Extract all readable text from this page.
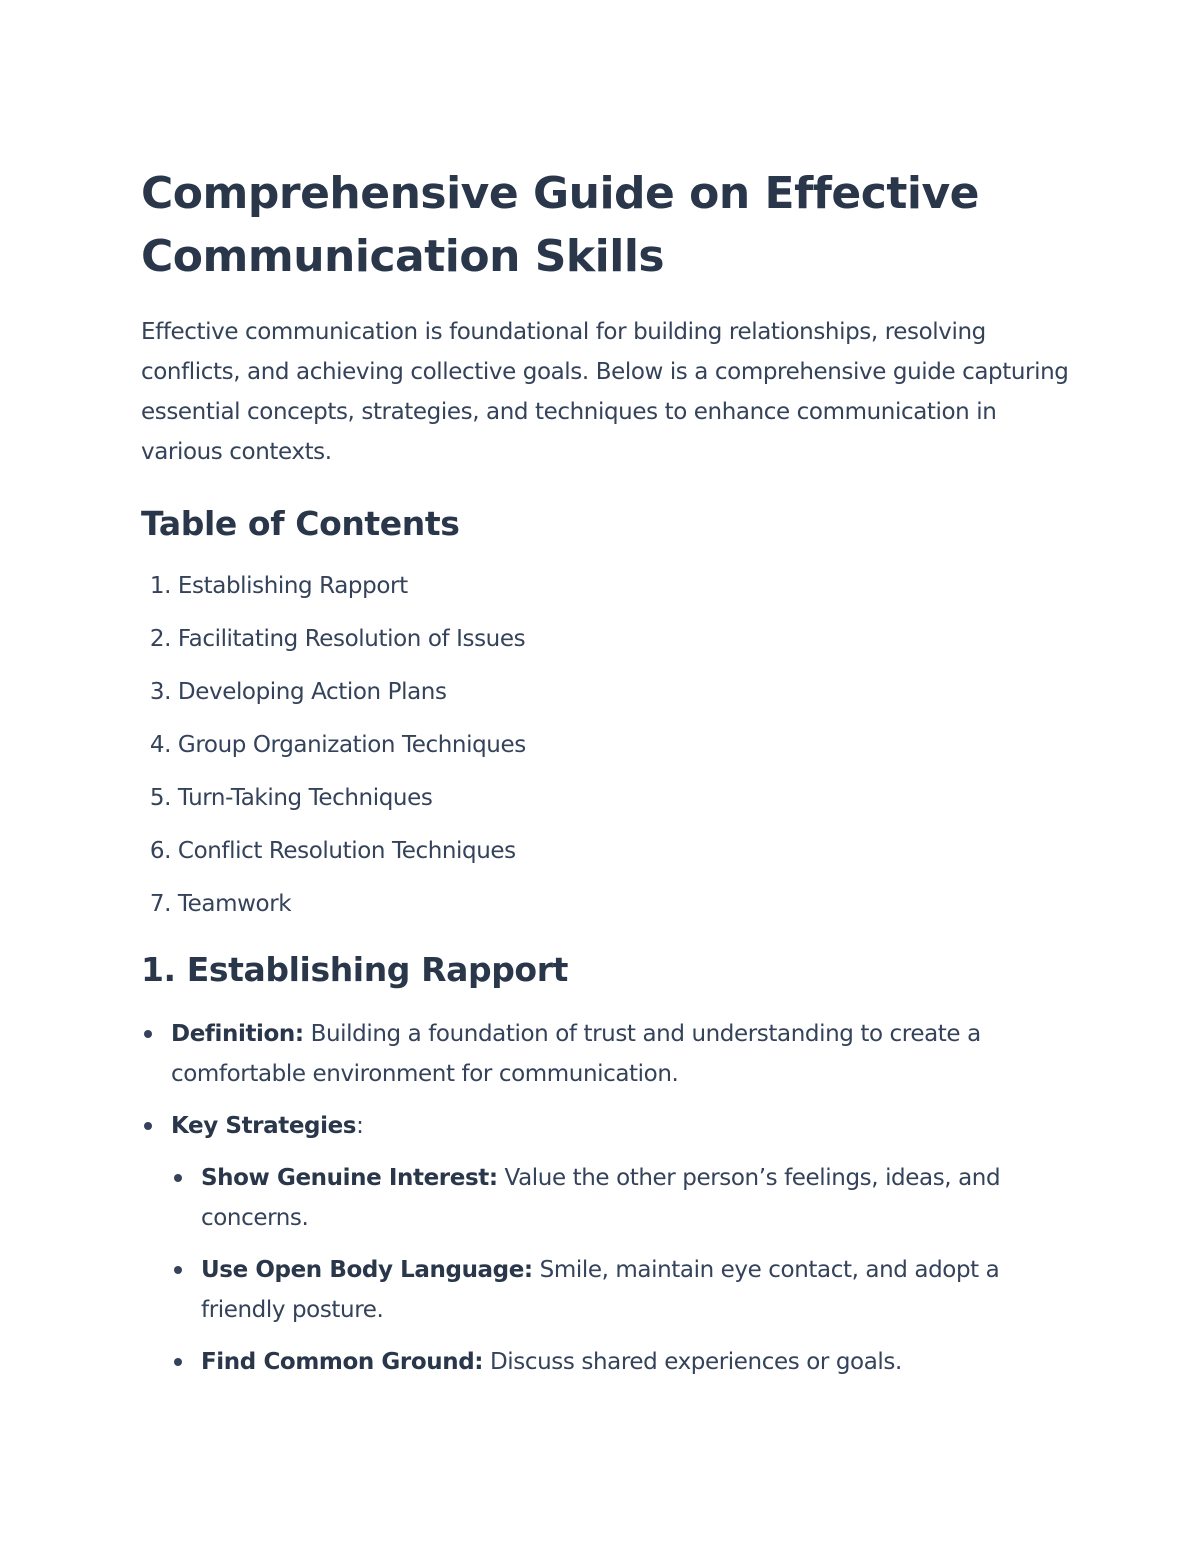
Comprehensive Guide on Effective Communication Skills

Effective communication is foundational for building relationships, resolving conflicts, and achieving collective goals. Below is a comprehensive guide capturing essential concepts, strategies, and techniques to enhance communication in various contexts.

Table of Contents
1. Establishing Rapport
2. Facilitating Resolution of Issues
3. Developing Action Plans
4. Group Organization Techniques
5. Turn-Taking Techniques
6. Conflict Resolution Techniques
7. Teamwork
1. Establishing Rapport
Definition: Building a foundation of trust and understanding to create a comfortable environment for communication.
Key Strategies:
Show Genuine Interest: Value the other person’s feelings, ideas, and concerns.
Use Open Body Language: Smile, maintain eye contact, and adopt a friendly posture.
Find Common Ground: Discuss shared experiences or goals.
